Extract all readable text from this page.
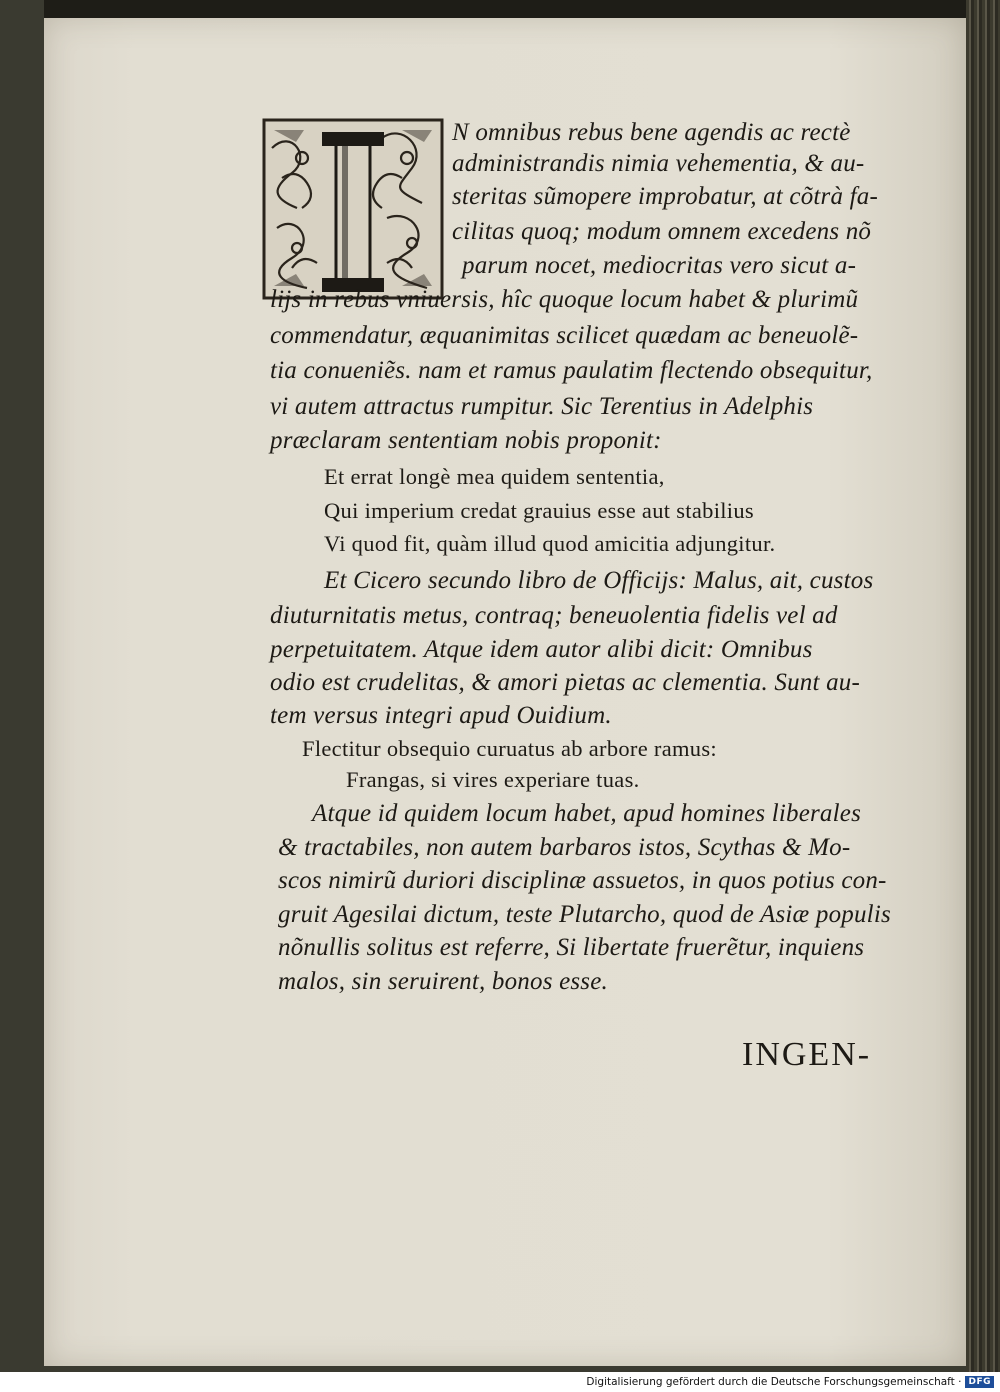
N omnibus rebus bene agendis ac rectè
administrandis nimia vehementia, & au-
steritas sũmopere improbatur, at cõtrà fa-
cilitas quoq; modum omnem excedens nõ
parum nocet, mediocritas vero sicut a-
lijs in rebus vniuersis, hîc quoque locum habet & plurimũ
commendatur, æquanimitas scilicet quædam ac beneuolẽ-
tia conueniẽs. nam et ramus paulatim flectendo obsequitur,
vi autem attractus rumpitur. Sic Terentius in Adelphis
præclaram sententiam nobis proponit:
Et errat longè mea quidem sententia,
Qui imperium credat grauius esse aut stabilius
Vi quod fit, quàm illud quod amicitia adjungitur.
Et Cicero secundo libro de Officijs: Malus, ait, custos
diuturnitatis metus, contraq; beneuolentia fidelis vel ad
perpetuitatem. Atque idem autor alibi dicit: Omnibus
odio est crudelitas, & amori pietas ac clementia. Sunt au-
tem versus integri apud Ouidium.
Flectitur obsequio curuatus ab arbore ramus:
Frangas, si vires experiare tuas.
Atque id quidem locum habet, apud homines liberales
& tractabiles, non autem barbaros istos, Scythas & Mo-
scos nimirũ duriori disciplinæ assuetos, in quos potius con-
gruit Agesilai dictum, teste Plutarcho, quod de Asiæ populis
nõnullis solitus est referre, Si libertate fruerẽtur, inquiens
malos, sin seruirent, bonos esse.
INGEN-
Digitalisierung gefördert durch die Deutsche Forschungsgemeinschaft · DFG
